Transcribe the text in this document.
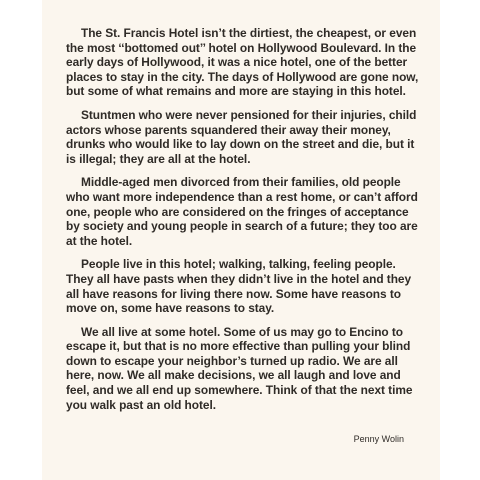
The St. Francis Hotel isn’t the dirtiest, the cheapest, or even the most ‘‘bottomed out’’ hotel on Hollywood Boulevard. In the early days of Hollywood, it was a nice hotel, one of the better places to stay in the city. The days of Hollywood are gone now, but some of what remains and more are staying in this hotel.

Stuntmen who were never pensioned for their injuries, child actors whose parents squandered their away their money, drunks who would like to lay down on the street and die, but it is illegal; they are all at the hotel.

Middle-aged men divorced from their families, old people who want more independence than a rest home, or can’t afford one, people who are considered on the fringes of acceptance by society and young people in search of a future; they too are at the hotel.

People live in this hotel; walking, talking, feeling people. They all have pasts when they didn’t live in the hotel and they all have reasons for living there now. Some have reasons to move on, some have reasons to stay.

We all live at some hotel. Some of us may go to Encino to escape it, but that is no more effective than pulling your blind down to escape your neighbor’s turned up radio. We are all here, now. We all make decisions, we all laugh and love and feel, and we all end up somewhere. Think of that the next time you walk past an old hotel.

Penny Wolin
